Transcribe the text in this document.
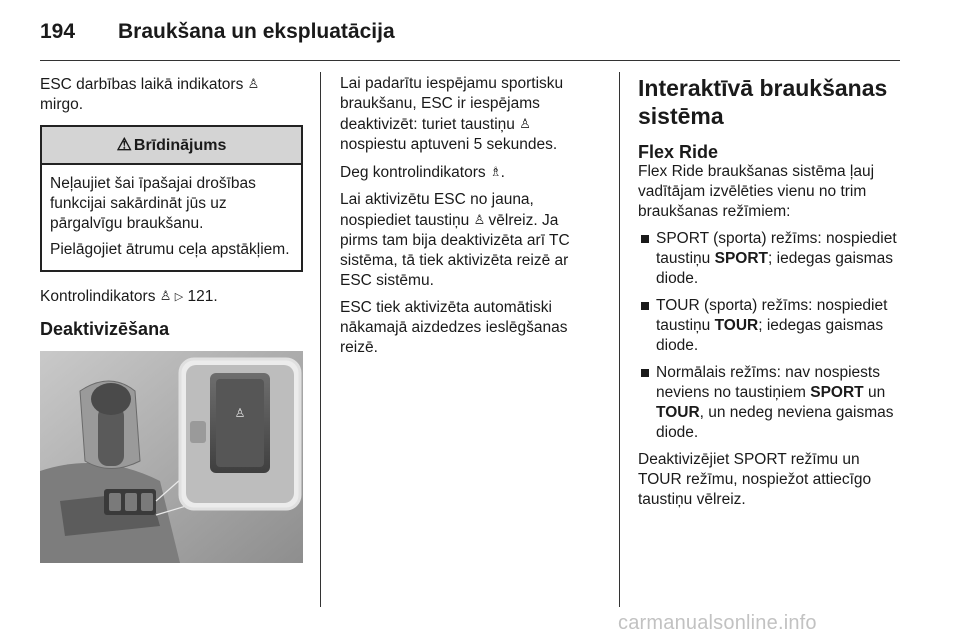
194 Braukšana un ekspluatācija

ESC darbības laikā indikators ♙
mirgo.

⚠ Brīdinājums

Neļaujiet šai īpašajai drošības funkcijai sakārdināt jūs uz pārgalvīgu braukšanu.

Pielāgojiet ātrumu ceļa apstākļiem.

Kontrolindikators ♙ ▷ 121.

Deaktivizēšana
♙

Lai padarītu iespējamu sportisku braukšanu, ESC ir iespējams deaktivizēt: turiet taustiņu ♙ nospiestu aptuveni 5 sekundes.

Deg kontrolindikators ♗.

Lai aktivizētu ESC no jauna, nospiediet taustiņu ♙ vēlreiz. Ja pirms tam bija deaktivizēta arī TC sistēma, tā tiek aktivizēta reizē ar ESC sistēmu.

ESC tiek aktivizēta automātiski nākamajā aizdedzes ieslēgšanas reizē.

Interaktīvā braukšanas sistēma
Flex Ride

Flex Ride braukšanas sistēma ļauj vadītājam izvēlēties vienu no trim braukšanas režīmiem:

SPORT (sporta) režīms: nospiediet taustiņu SPORT; iedegas gaismas diode.
TOUR (sporta) režīms: nospiediet taustiņu TOUR; iedegas gaismas diode.
Normālais režīms: nav nospiests neviens no taustiņiem SPORT un TOUR, un nedeg neviena gaismas diode.

Deaktivizējiet SPORT režīmu un TOUR režīmu, nospiežot attiecīgo taustiņu vēlreiz.

carmanualsonline.info
